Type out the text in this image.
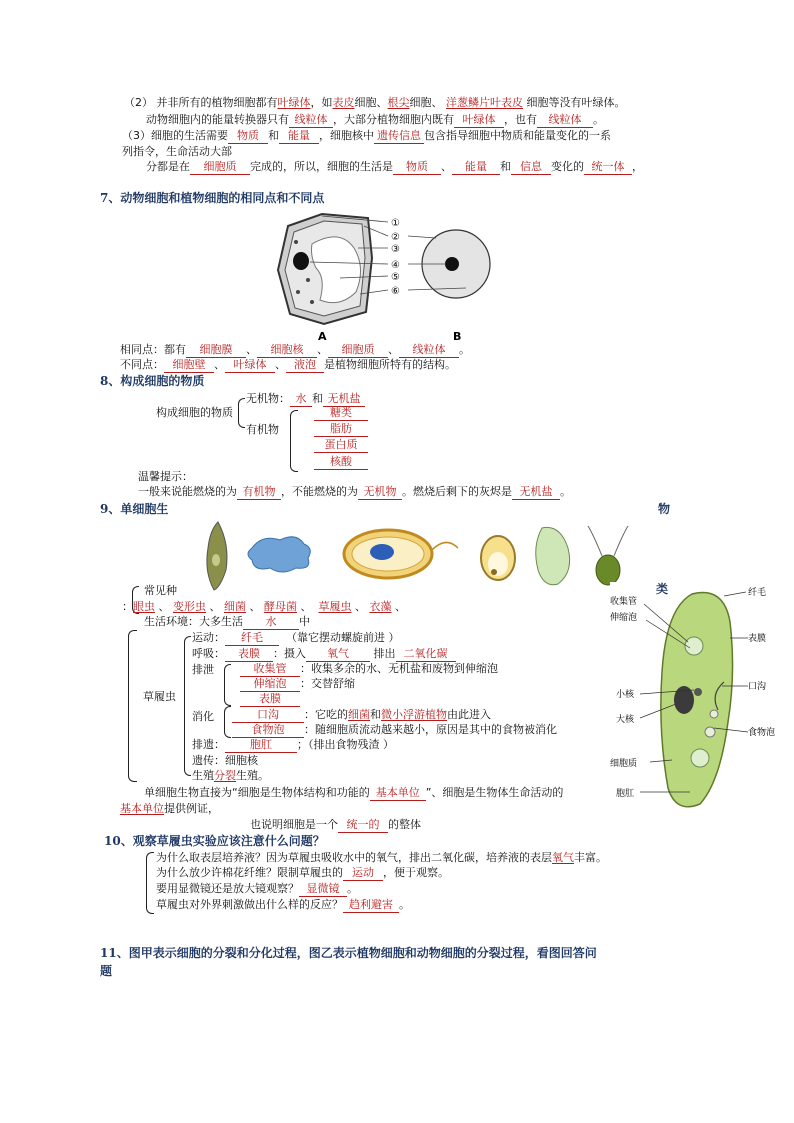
（2） 并非所有的植物细胞都有叶绿体，如表皮细胞、根尖细胞、 洋葱鳞片叶表皮 细胞等没有叶绿体。
动物细胞内的能量转换器只有 线粒体 ，大部分植物细胞内既有 叶绿体 ，也有 线粒体 。
（3）细胞的生活需要 物质 和 能量 ，细胞核中 遗传信息 包含指导细胞中物质和能量变化的一系
列指令，生命活动大部
分都是在 细胞质 完成的，所以，细胞的生活是 物质 、 能量 和 信息 变化的 统一体 ，
7、动物细胞和植物细胞的相同点和不同点
①
②
③
④
⑤
⑥
A	B
相同点：都有 细胞膜 、 细胞核 、 细胞质 、 线粒体 。
不同点： 细胞壁 、 叶绿体 、 液泡 是植物细胞所特有的结构。
8、构成细胞的物质
构成细胞的物质
无机物： 水 和 无机盐
有机物
糖类
脂肪
蛋白质
核酸
温馨提示：
一般来说能燃烧的为 有机物 ，不能燃烧的为 无机物 。燃烧后剩下的灰烬是 无机盐 。
9、单细胞生	物
收集管
伸缩泡
小核
大核
细胞质
胞肛
纤毛
表膜
口沟
食物泡
类
常见种
：眼虫 、 变形虫 、 细菌 、 酵母菌 、 草履虫 、 衣藻 、
生活环境：大多生活 水 中
草履虫
运动： 纤毛 （靠它摆动螺旋前进 ）
呼吸： 表膜 ：摄入 氧气 排出 二氧化碳
排泄	收集管 ：收集多余的水、无机盐和废物到伸缩泡
伸缩泡 ：交替舒缩
表膜
消化	口沟 ：它吃的细菌和微小浮游植物由此进入
食物泡 ：随细胞质流动越来越小，原因是其中的食物被消化
排遗： 胞肛 ；（排出食物残渣 ）
遗传：细胞核
生殖分裂生殖。
单细胞生物直接为“细胞是生物体结构和功能的 基本单位 ”、细胞是生物体生命活动的
基本单位提供例证，
也说明细胞是一个 统一的 的整体
10、观察草履虫实验应该注意什么问题？
为什么取表层培养液？因为草履虫吸收水中的氧气，排出二氧化碳，培养液的表层氧气丰富。
为什么放少许棉花纤维？限制草履虫的 运动 ，便于观察。
要用显微镜还是放大镜观察？ 显微镜 。
草履虫对外界刺激做出什么样的反应？ 趋利避害 。
11、图甲表示细胞的分裂和分化过程，图乙表示植物细胞和动物细胞的分裂过程，看图回答问
题
